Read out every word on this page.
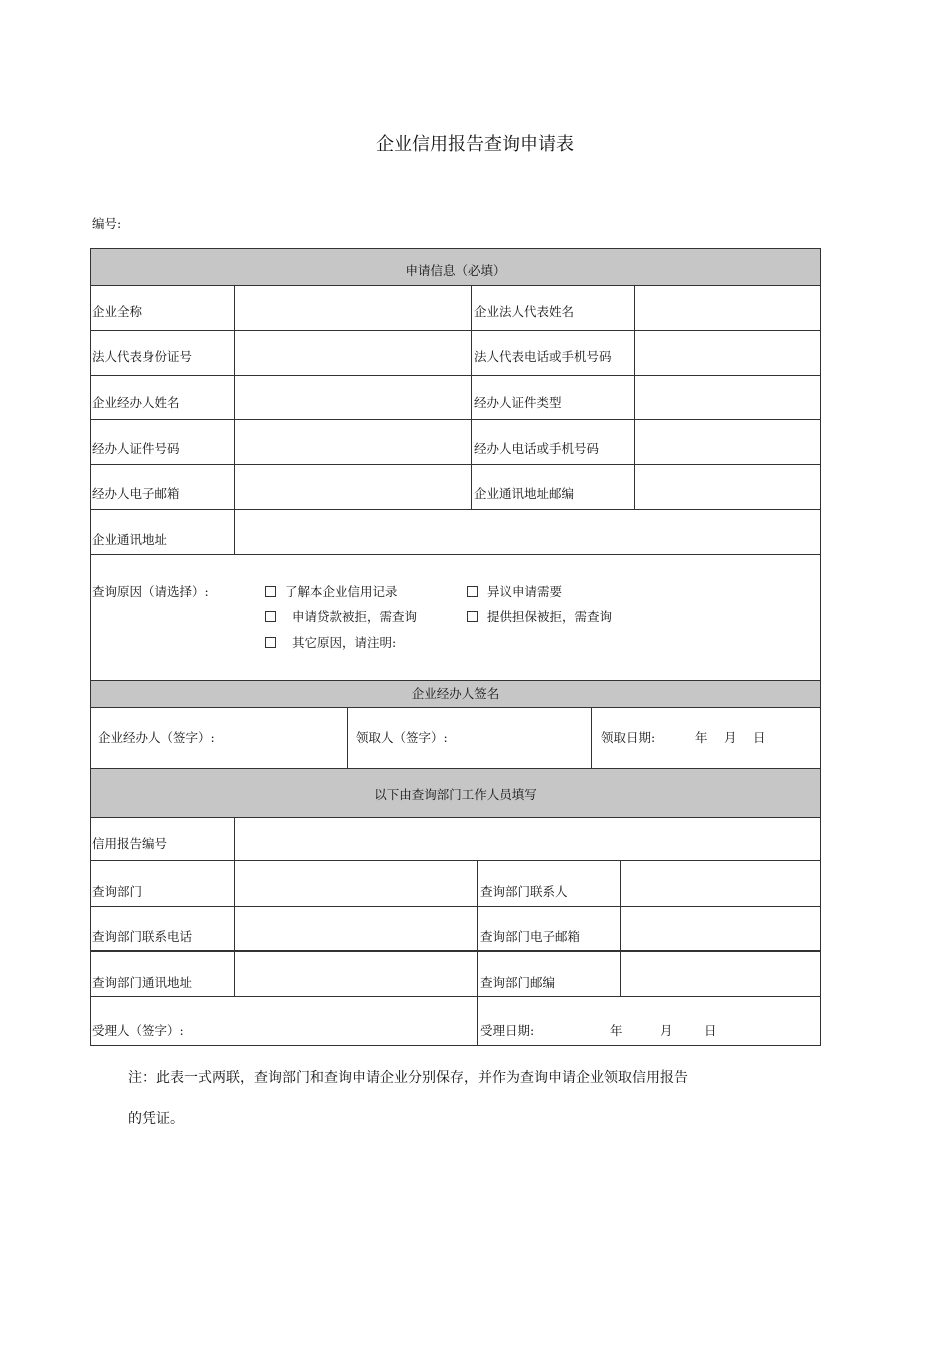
企业信用报告查询申请表
编号:
申请信息（必填）
企业全称	企业法人代表姓名
法人代表身份证号	法人代表电话或手机号码
企业经办人姓名	经办人证件类型
经办人证件号码	经办人电话或手机号码
经办人电子邮箱	企业通讯地址邮编
企业通讯地址
查询原因（请选择）:	了解本企业信用记录	异议申请需要
申请贷款被拒，需查询	提供担保被拒，需查询
其它原因，请注明:
企业经办人签名
企业经办人（签字）:	领取人（签字）:	领取日期:	年 月 日
以下由查询部门工作人员填写
信用报告编号
查询部门	查询部门联系人
查询部门联系电话	查询部门电子邮箱
查询部门通讯地址	查询部门邮编
受理人（签字）:	受理日期:	年	月	日
注：此表一式两联，查询部门和查询申请企业分别保存，并作为查询申请企业领取信用报告
的凭证。
